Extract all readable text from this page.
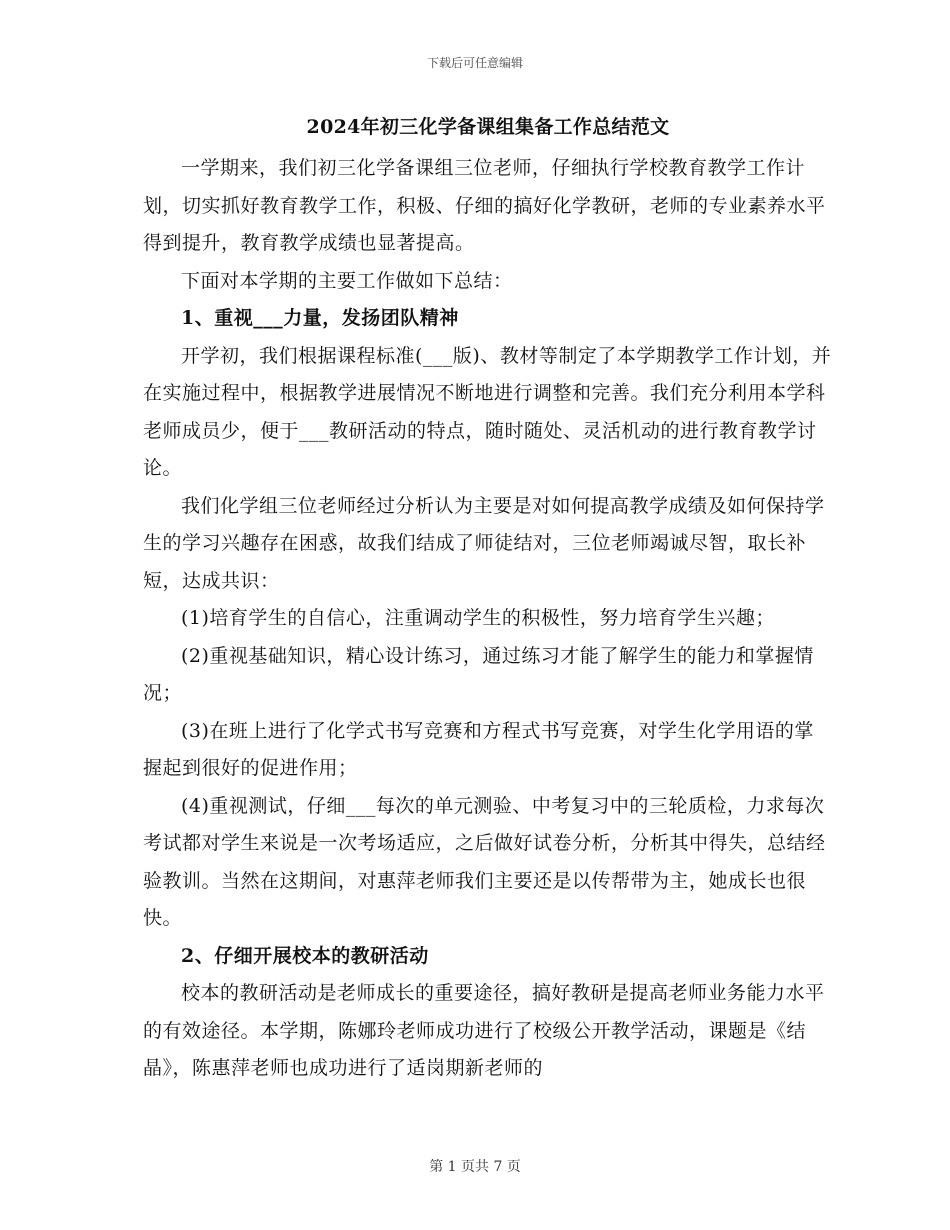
下载后可任意编辑
2024年初三化学备课组集备工作总结范文

一学期来，我们初三化学备课组三位老师，仔细执行学校教育教学工作计划，切实抓好教育教学工作，积极、仔细的搞好化学教研，老师的专业素养水平得到提升，教育教学成绩也显著提高。

下面对本学期的主要工作做如下总结：

1、重视___力量，发扬团队精神

开学初，我们根据课程标准(___版)、教材等制定了本学期教学工作计划，并在实施过程中，根据教学进展情况不断地进行调整和完善。我们充分利用本学科老师成员少，便于___教研活动的特点，随时随处、灵活机动的进行教育教学讨论。

我们化学组三位老师经过分析认为主要是对如何提高教学成绩及如何保持学生的学习兴趣存在困惑，故我们结成了师徒结对，三位老师竭诚尽智，取长补短，达成共识：

(1)培育学生的自信心，注重调动学生的积极性，努力培育学生兴趣；

(2)重视基础知识，精心设计练习，通过练习才能了解学生的能力和掌握情况；

(3)在班上进行了化学式书写竞赛和方程式书写竞赛，对学生化学用语的掌握起到很好的促进作用；

(4)重视测试，仔细___每次的单元测验、中考复习中的三轮质检，力求每次考试都对学生来说是一次考场适应，之后做好试卷分析，分析其中得失，总结经验教训。当然在这期间，对惠萍老师我们主要还是以传帮带为主，她成长也很快。

2、仔细开展校本的教研活动

校本的教研活动是老师成长的重要途径，搞好教研是提高老师业务能力水平的有效途径。本学期，陈娜玲老师成功进行了校级公开教学活动，课题是《结晶》，陈惠萍老师也成功进行了适岗期新老师的

第 1 页共 7 页
